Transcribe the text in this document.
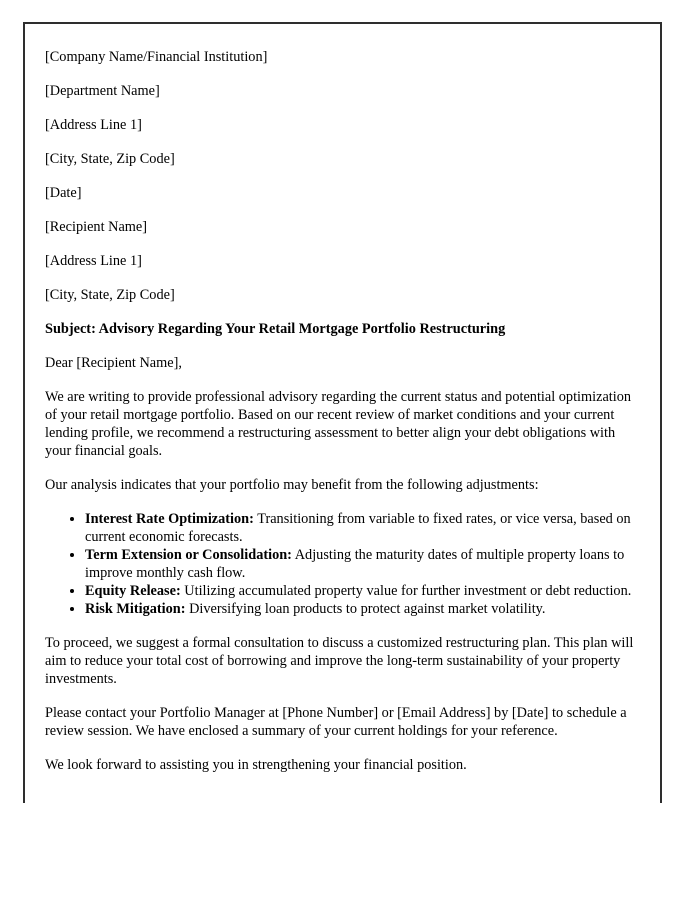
[Company Name/Financial Institution]

[Department Name]

[Address Line 1]

[City, State, Zip Code]

[Date]

[Recipient Name]

[Address Line 1]

[City, State, Zip Code]

Subject: Advisory Regarding Your Retail Mortgage Portfolio Restructuring

Dear [Recipient Name],

We are writing to provide professional advisory regarding the current status and potential optimization of your retail mortgage portfolio. Based on our recent review of market conditions and your current lending profile, we recommend a restructuring assessment to better align your debt obligations with your financial goals.

Our analysis indicates that your portfolio may benefit from the following adjustments:

• Interest Rate Optimization: Transitioning from variable to fixed rates, or vice versa, based on current economic forecasts.
• Term Extension or Consolidation: Adjusting the maturity dates of multiple property loans to improve monthly cash flow.
• Equity Release: Utilizing accumulated property value for further investment or debt reduction.
• Risk Mitigation: Diversifying loan products to protect against market volatility.

To proceed, we suggest a formal consultation to discuss a customized restructuring plan. This plan will aim to reduce your total cost of borrowing and improve the long-term sustainability of your property investments.

Please contact your Portfolio Manager at [Phone Number] or [Email Address] by [Date] to schedule a review session. We have enclosed a summary of your current holdings for your reference.

We look forward to assisting you in strengthening your financial position.
